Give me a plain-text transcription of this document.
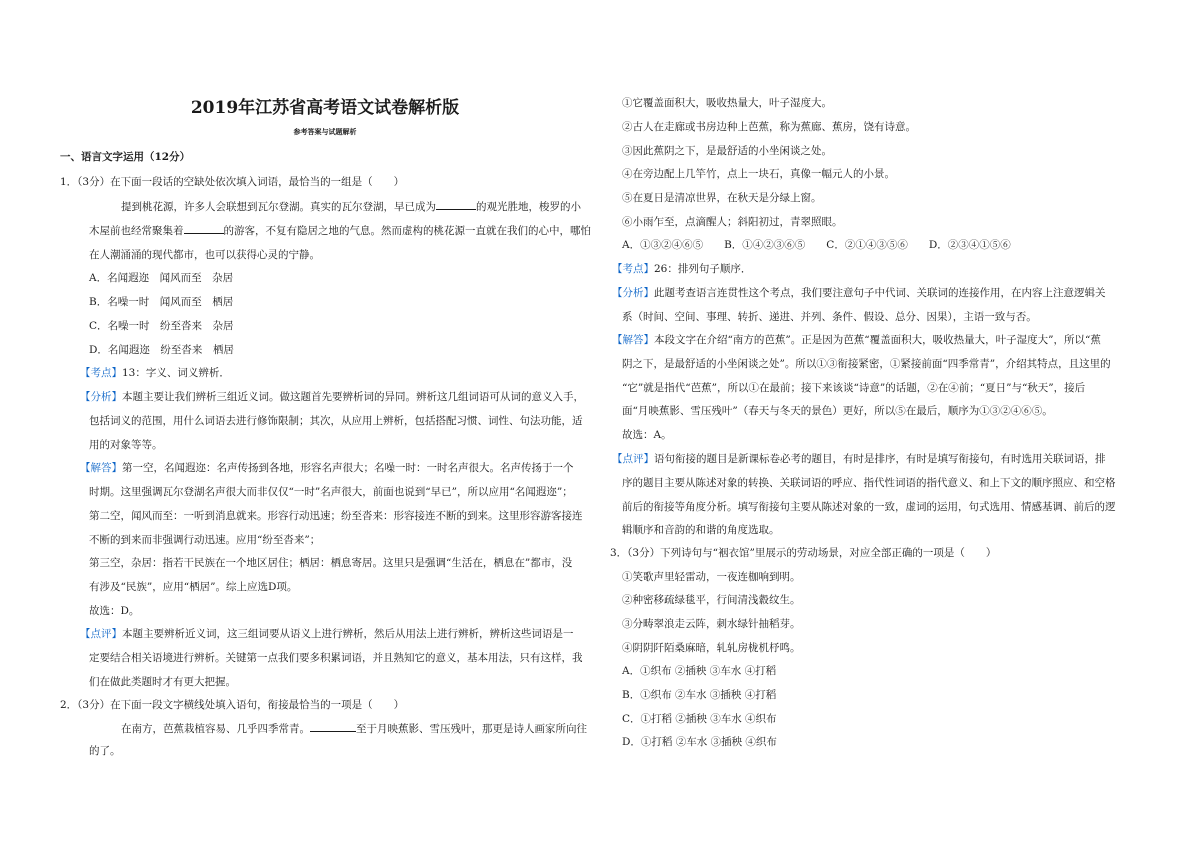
2019年江苏省高考语文试卷解析版
参考答案与试题解析
一、语言文字运用（12分）
1．（3分）在下面一段话的空缺处依次填入词语，最恰当的一组是（　　）
提到桃花源，许多人会联想到瓦尔登湖。真实的瓦尔登湖，早已成为	的观光胜地，梭罗的小
木屋前也经常聚集着	的游客，不复有隐居之地的气息。然而虚构的桃花源一直就在我们的心中，哪怕
在人潮涌涌的现代都市，也可以获得心灵的宁静。
A．名闻遐迩　闻风而至　杂居
B．名噪一时　闻风而至　栖居
C．名噪一时　纷至沓来　杂居
D．名闻遐迩　纷至沓来　栖居
【考点】13：字义、词义辨析．
【分析】本题主要让我们辨析三组近义词。做这题首先要辨析词的异同。辨析这几组词语可从词的意义入手，
包括词义的范围，用什么词语去进行修饰限制；其次，从应用上辨析，包括搭配习惯、词性、句法功能，适
用的对象等等。
【解答】第一空，名闻遐迩：名声传扬到各地，形容名声很大；名噪一时：一时名声很大。名声传扬于一个
时期。这里强调瓦尔登湖名声很大而非仅仅“一时”名声很大，前面也说到“早已”，所以应用“名闻遐迩”；
第二空，闻风而至：一听到消息就来。形容行动迅速；纷至沓来：形容接连不断的到来。这里形容游客接连
不断的到来而非强调行动迅速。应用“纷至沓来”；
第三空，杂居：指若干民族在一个地区居住；栖居：栖息寄居。这里只是强调“生活在，栖息在”都市，没
有涉及“民族”，应用“栖居”。综上应选D项。
故选：D。
【点评】本题主要辨析近义词，这三组词要从语义上进行辨析，然后从用法上进行辨析，辨析这些词语是一
定要结合相关语境进行辨析。关键第一点我们要多积累词语，并且熟知它的意义，基本用法，只有这样，我
们在做此类题时才有更大把握。
2．（3分）在下面一段文字横线处填入语句，衔接最恰当的一项是（　　）
在南方，芭蕉栽植容易、几乎四季常青。	至于月映蕉影、雪压残叶，那更是诗人画家所向往
的了。
①它覆盖面积大，吸收热量大，叶子湿度大。
②古人在走廊或书房边种上芭蕉，称为蕉廊、蕉房，饶有诗意。
③因此蕉阴之下，是最舒适的小坐闲谈之处。
④在旁边配上几竿竹，点上一块石，真像一幅元人的小景。
⑤在夏日是清凉世界，在秋天是分绿上窗。
⑥小雨乍至，点滴醒人；斜阳初过，青翠照眼。
A．①③②④⑥⑤　　B．①④②③⑥⑤　　C．②①④③⑤⑥　　D．②③④①⑤⑥
【考点】26：排列句子顺序．
【分析】此题考查语言连贯性这个考点，我们要注意句子中代词、关联词的连接作用，在内容上注意逻辑关
系（时间、空间、事理、转折、递进、并列、条件、假设、总分、因果），主语一致与否。
【解答】本段文字在介绍“南方的芭蕉”。正是因为芭蕉“覆盖面积大，吸收热量大，叶子湿度大”，所以“蕉
阴之下，是最舒适的小坐闲谈之处”。所以①③衔接紧密，①紧接前面“四季常青”，介绍其特点，且这里的
“它”就是指代“芭蕉”，所以①在最前；接下来该谈“诗意”的话题，②在④前；“夏日”与“秋天”，接后
面“月映蕉影、雪压残叶”（春天与冬天的景色）更好，所以⑤在最后，顺序为①③②④⑥⑤。
故选：A。
【点评】语句衔接的题目是新课标卷必考的题目，有时是排序，有时是填写衔接句，有时选用关联词语，排
序的题目主要从陈述对象的转换、关联词语的呼应、指代性词语的指代意义、和上下文的顺序照应、和空格
前后的衔接等角度分析。填写衔接句主要从陈述对象的一致，虚词的运用，句式选用、情感基调、前后的逻
辑顺序和音韵的和谐的角度选取。
3．（3分）下列诗句与“裀衣馆”里展示的劳动场景，对应全部正确的一项是（　　）
①笑歌声里轻雷动，一夜连枷响到明。
②种密移疏绿毯平，行间清浅縠纹生。
③分畴翠浪走云阵，刺水绿针抽稻芽。
④阴阴阡陌桑麻暗，轧轧房栊机杼鸣。
A．①织布 ②插秧 ③车水 ④打稻
B．①织布 ②车水 ③插秧 ④打稻
C．①打稻 ②插秧 ③车水 ④织布
D．①打稻 ②车水 ③插秧 ④织布
